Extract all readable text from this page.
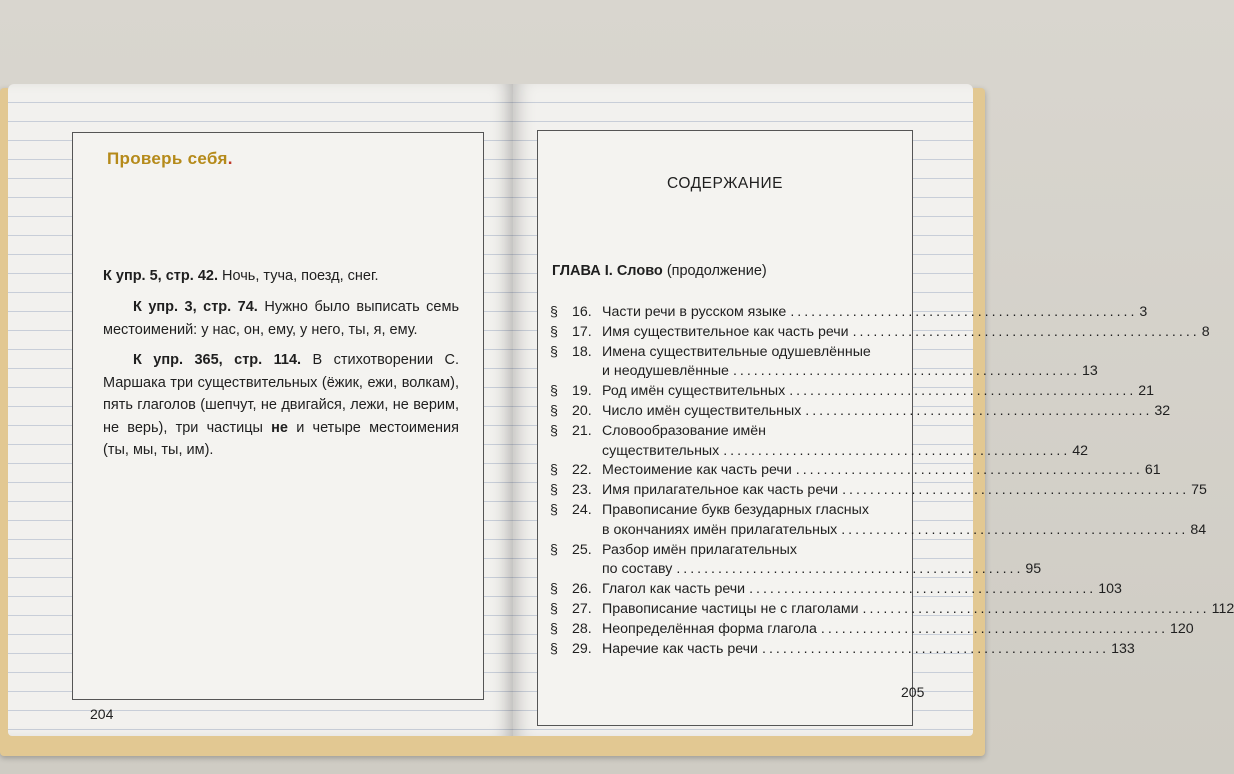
Проверь себя.

К упр. 5, стр. 42. Ночь, туча, поезд, снег.

К упр. 3, стр. 74. Нужно было выписать семь местоимений: у нас, он, ему, у него, ты, я, ему.

К упр. 365, стр. 114. В стихотворении С. Маршака три существительных (ёжик, ежи, волкам), пять глаголов (шепчут, не двигайся, лежи, не верим, не верь), три частицы не и четыре местоимения (ты, мы, ты, им).

204
СОДЕРЖАНИЕ
ГЛАВА I. Слово (продолжение)
§ 16. Части речи в русском языке .................................................. 3
§ 17. Имя существительное как часть речи .................................................. 8
§ 18. Имена существительные одушевлённые
и неодушевлённые .................................................. 13
§ 19. Род имён существительных .................................................. 21
§ 20. Число имён существительных .................................................. 32
§ 21. Словообразование имён
существительных .................................................. 42
§ 22. Местоимение как часть речи .................................................. 61
§ 23. Имя прилагательное как часть речи .................................................. 75
§ 24. Правописание букв безударных гласных
в окончаниях имён прилагательных .................................................. 84
§ 25. Разбор имён прилагательных
по составу .................................................. 95
§ 26. Глагол как часть речи .................................................. 103
§ 27. Правописание частицы не с глаголами .................................................. 112
§ 28. Неопределённая форма глагола .................................................. 120
§ 29. Наречие как часть речи .................................................. 133
205
